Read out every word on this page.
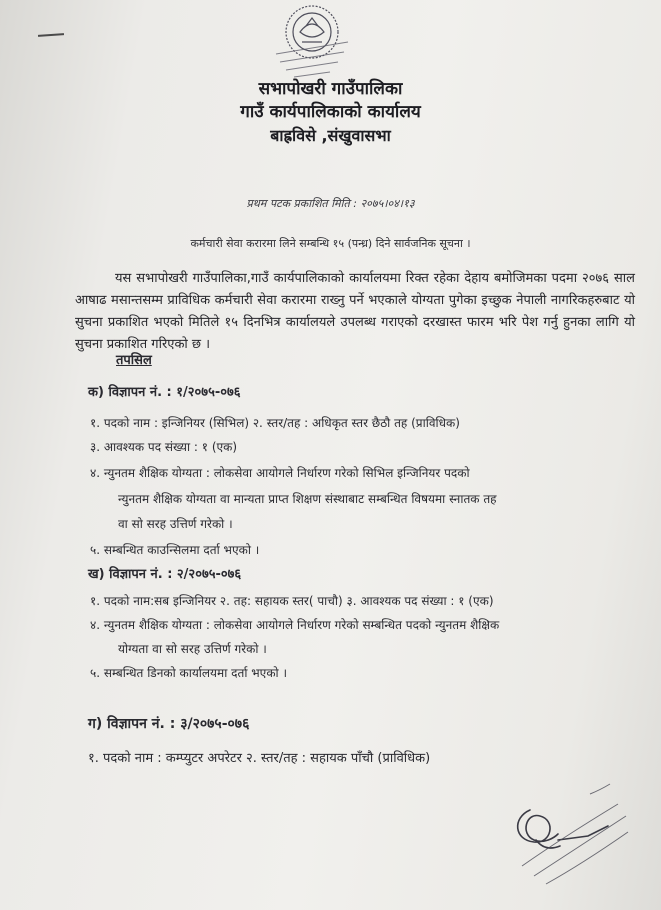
सभापोखरी गाउँपालिका
गाउँ कार्यपालिकाको कार्यालय
बाह्रविसे ,संखुवासभा
प्रथम पटक प्रकाशित मिति : २०७५।०४।१३
कर्मचारी सेवा करारमा लिने सम्बन्धि १५ (पन्ध्र) दिने सार्वजनिक सूचना ।
यस सभापोखरी गाउँपालिका,गाउँ कार्यपालिकाको कार्यालयमा रिक्त रहेका देहाय बमोजिमका पदमा २०७६ साल आषाढ मसान्तसम्म प्राविधिक कर्मचारी सेवा करारमा राख्नु पर्ने भएकाले योग्यता पुगेका इच्छुक नेपाली नागरिकहरुबाट यो सुचना प्रकाशित भएको मितिले १५ दिनभित्र कार्यालयले उपलब्ध गराएको दरखास्त फारम भरि पेश गर्नु हुनका लागि यो सुचना प्रकाशित गरिएको छ ।
तपसिल
क) विज्ञापन नं. : १/२०७५-०७६
१. पदको नाम : इन्जिनियर (सिभिल) २. स्तर/तह : अधिकृत स्तर छैठौ तह (प्राविधिक)
३. आवश्यक पद संख्या : १ (एक)
४. न्युनतम शैक्षिक योग्यता : लोकसेवा आयोगले निर्धारण गरेको सिभिल इन्जिनियर पदको
न्युनतम शैक्षिक योग्यता वा मान्यता प्राप्त शिक्षण संस्थाबाट सम्बन्धित विषयमा स्नातक तह
वा सो सरह उत्तिर्ण गरेको ।
५. सम्बन्धित काउन्सिलमा दर्ता भएको ।
ख) विज्ञापन नं. : २/२०७५-०७६
१. पदको नाम:सब इन्जिनियर २. तह: सहायक स्तर( पाचौ) ३. आवश्यक पद संख्या : १ (एक)
४. न्युनतम शैक्षिक योग्यता : लोकसेवा आयोगले निर्धारण गरेको सम्बन्धित पदको न्युनतम शैक्षिक
योग्यता वा सो सरह उत्तिर्ण गरेको ।
५. सम्बन्धित डिनको कार्यालयमा दर्ता भएको ।
ग) विज्ञापन नं. : ३/२०७५-०७६
१. पदको नाम : कम्प्युटर अपरेटर २. स्तर/तह : सहायक पाँचौ (प्राविधिक)
